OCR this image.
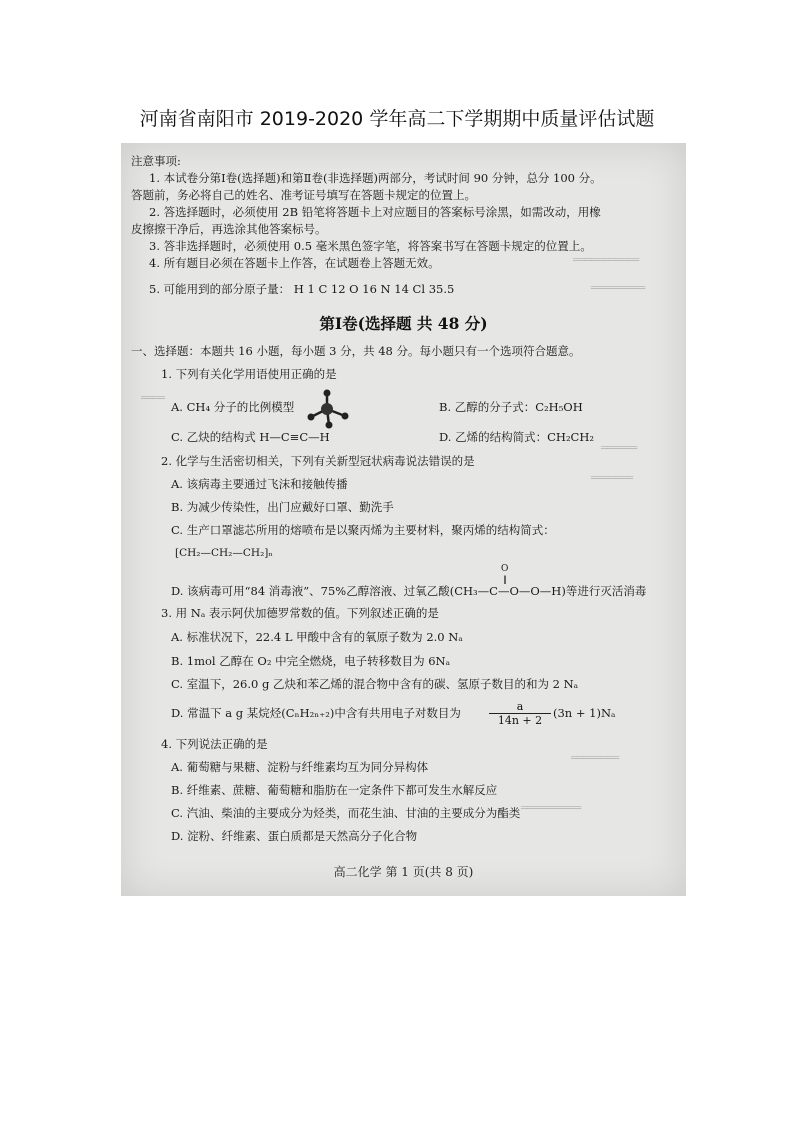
河南省南阳市 2019-2020 学年高二下学期期中质量评估试题
═══════════
═════════
══════
═══════
════
════════
══════════
注意事项:
1. 本试卷分第Ⅰ卷(选择题)和第Ⅱ卷(非选择题)两部分，考试时间 90 分钟，总分 100 分。
答题前，务必将自己的姓名、准考证号填写在答题卡规定的位置上。
2. 答选择题时，必须使用 2B 铅笔将答题卡上对应题目的答案标号涂黑，如需改动，用橡
皮擦擦干净后，再选涂其他答案标号。
3. 答非选择题时，必须使用 0.5 毫米黑色签字笔，将答案书写在答题卡规定的位置上。
4. 所有题目必须在答题卡上作答，在试题卷上答题无效。
5. 可能用到的部分原子量： H 1 C 12 O 16 N 14 Cl 35.5
第Ⅰ卷(选择题 共 48 分)
一、选择题：本题共 16 小题，每小题 3 分，共 48 分。每小题只有一个选项符合题意。
1. 下列有关化学用语使用正确的是
A. CH₄ 分子的比例模型	B. 乙醇的分子式：C₂H₅OH
C. 乙炔的结构式 H—C≡C—H	D. 乙烯的结构简式：CH₂CH₂
2. 化学与生活密切相关，下列有关新型冠状病毒说法错误的是
A. 该病毒主要通过飞沫和接触传播
B. 为减少传染性，出门应戴好口罩、勤洗手
C. 生产口罩滤芯所用的熔喷布是以聚丙烯为主要材料，聚丙烯的结构简式：
[CH₂—CH₂—CH₂]ₙ
O
‖
D. 该病毒可用“84 消毒液”、75%乙醇溶液、过氧乙酸(CH₃—C—O—O—H)等进行灭活消毒
3. 用 Nₐ 表示阿伏加德罗常数的值。下列叙述正确的是
A. 标准状况下，22.4 L 甲酸中含有的氧原子数为 2.0 Nₐ
B. 1mol 乙醇在 O₂ 中完全燃烧，电子转移数目为 6Nₐ
C. 室温下，26.0 g 乙炔和苯乙烯的混合物中含有的碳、氢原子数目的和为 2 Nₐ
D. 常温下 a g 某烷烃(CₙH₂ₙ₊₂)中含有共用电子对数目为	$\frac{a}{14n + 2} (3n + 1)N_a$
4. 下列说法正确的是
A. 葡萄糖与果糖、淀粉与纤维素均互为同分异构体
B. 纤维素、蔗糖、葡萄糖和脂肪在一定条件下都可发生水解反应
C. 汽油、柴油的主要成分为烃类，而花生油、甘油的主要成分为酯类
D. 淀粉、纤维素、蛋白质都是天然高分子化合物
高二化学 第 1 页(共 8 页)
